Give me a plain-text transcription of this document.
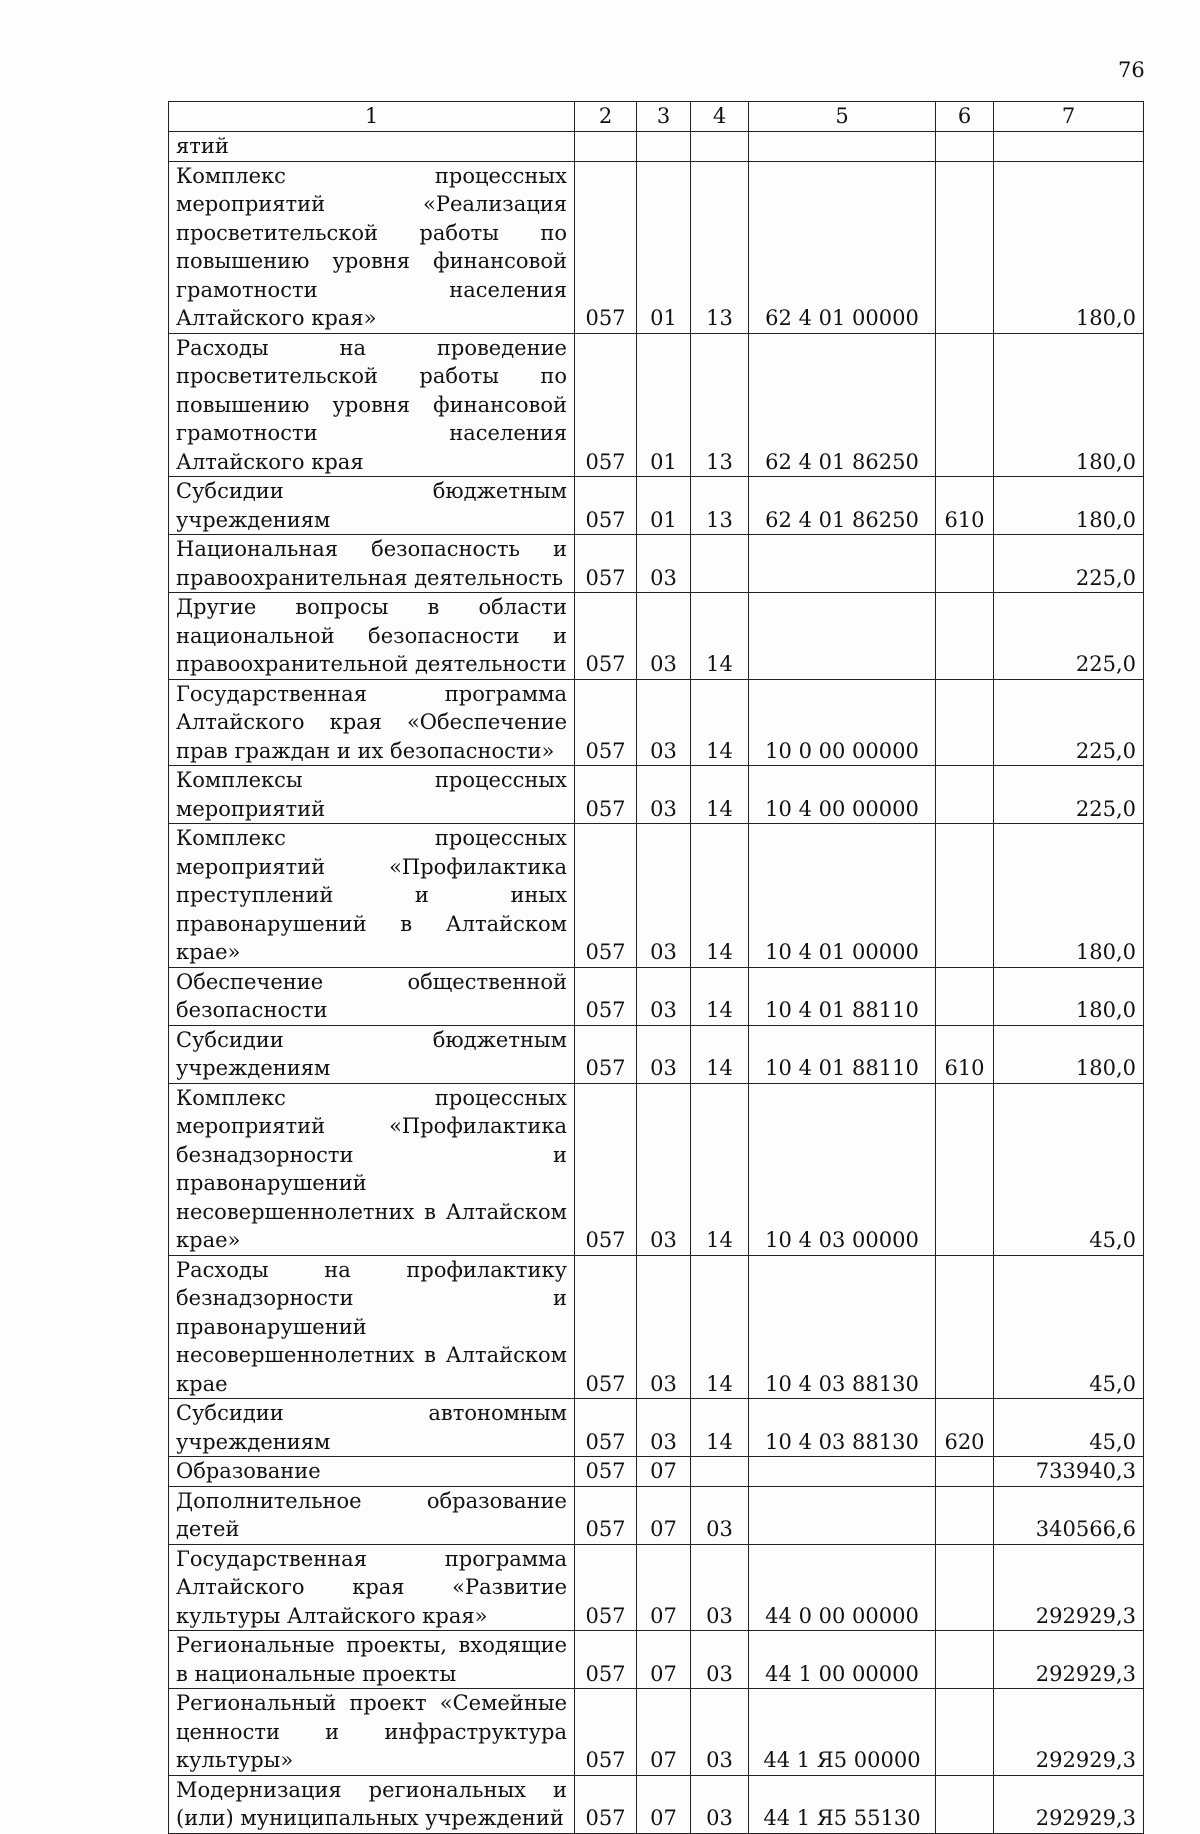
76
1	2	3	4	5	6	7
ятий						
Комплекс процессных мероприятий «Реализация просветительской работы по повышению уровня финансовой грамотности населения Алтайского края»	057	01	13	62 4 01 00000		180,0
Расходы на проведение просветительской работы по повышению уровня финансовой грамотности населения Алтайского края	057	01	13	62 4 01 86250		180,0
Субсидии бюджетным учреждениям	057	01	13	62 4 01 86250	610	180,0
Национальная безопасность и правоохранительная деятельность	057	03				225,0
Другие вопросы в области национальной безопасности и правоохранительной деятельности	057	03	14			225,0
Государственная программа Алтайского края «Обеспечение прав граждан и их безопасности»	057	03	14	10 0 00 00000		225,0
Комплексы процессных мероприятий	057	03	14	10 4 00 00000		225,0
Комплекс процессных мероприятий «Профилактика преступлений и иных правонарушений в Алтайском крае»	057	03	14	10 4 01 00000		180,0
Обеспечение общественной безопасности	057	03	14	10 4 01 88110		180,0
Субсидии бюджетным учреждениям	057	03	14	10 4 01 88110	610	180,0
Комплекс процессных мероприятий «Профилактика безнадзорности и правонарушений несовершеннолетних в Алтайском крае»	057	03	14	10 4 03 00000		45,0
Расходы на профилактику безнадзорности и правонарушений несовершеннолетних в Алтайском крае	057	03	14	10 4 03 88130		45,0
Субсидии автономным учреждениям	057	03	14	10 4 03 88130	620	45,0
Образование	057	07				733940,3
Дополнительное образование детей	057	07	03			340566,6
Государственная программа Алтайского края «Развитие культуры Алтайского края»	057	07	03	44 0 00 00000		292929,3
Региональные проекты, входящие в национальные проекты	057	07	03	44 1 00 00000		292929,3
Региональный проект «Семейные ценности и инфраструктура культуры»	057	07	03	44 1 Я5 00000		292929,3
Модернизация региональных и (или) муниципальных учреждений	057	07	03	44 1 Я5 55130		292929,3
